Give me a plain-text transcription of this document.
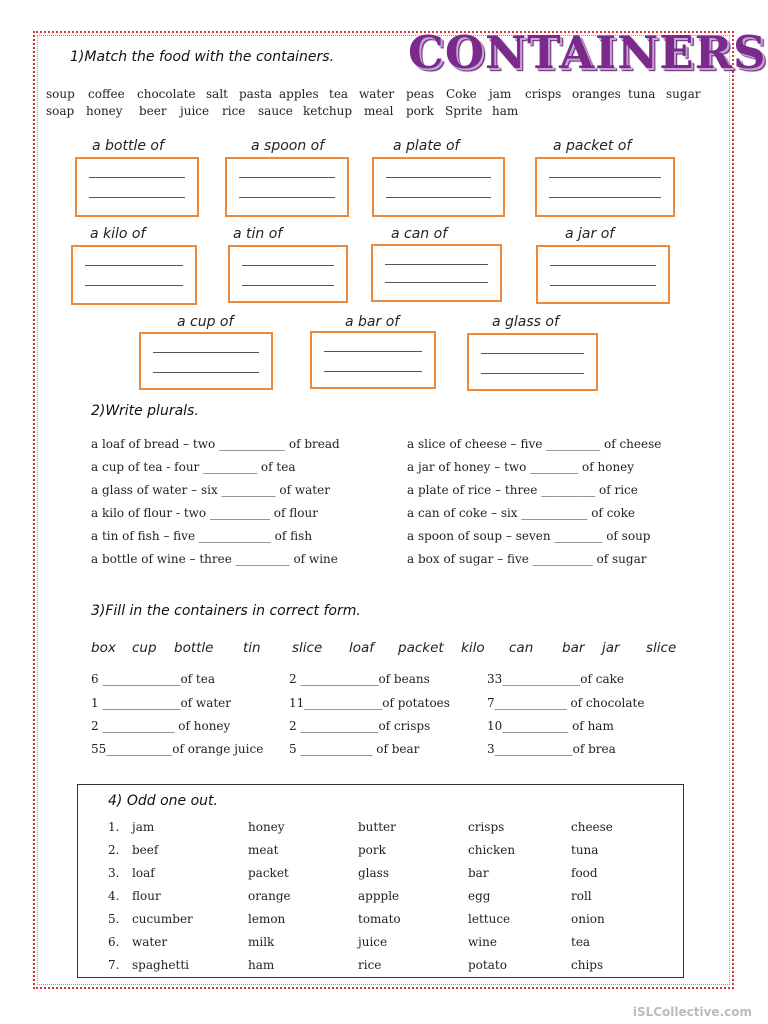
CONTAINERS
1)Match the food with the containers.
soup coffee chocolate salt pasta apples tea water peas Coke jam crisps oranges tuna sugar
soap honey beer juice rice sauce ketchup meal pork Sprite ham
a bottle of	a spoon of	a plate of	a packet of
a kilo of	a tin of	a can of	a jar of
a cup of	a bar of	a glass of
2)Write plurals.
a loaf of bread – two ___________ of bread
a cup of tea - four _________ of tea
a glass of water – six _________ of water
a kilo of flour - two __________ of flour
a tin of fish – five ____________ of fish
a bottle of wine – three _________ of wine
a slice of cheese – five _________ of cheese
a jar of honey – two ________ of honey
a plate of rice – three _________ of rice
a can of coke – six ___________ of coke
a spoon of soup – seven ________ of soup
a box of sugar – five __________ of sugar
3)Fill in the containers in correct form.
box cup bottle tin slice loaf packet kilo can bar jar slice
6 _____________of tea	2 _____________of beans	33_____________of cake
1 _____________of water	11_____________of potatoes	7____________ of chocolate
2 ____________ of honey	2 _____________of crisps	10___________ of ham
55___________of orange juice 5 ____________ of bear	3_____________of brea
4) Odd one out.
1.	jam	honey	butter	crisps	cheese
2.	beef	meat	pork	chicken	tuna
3.	loaf	packet	glass	bar	food
4.	flour	orange	appple	egg	roll
5.	cucumber	lemon	tomato	lettuce	onion
6.	water	milk	juice	wine	tea
7.	spaghetti	ham	rice	potato	chips
iSLCollective.com
